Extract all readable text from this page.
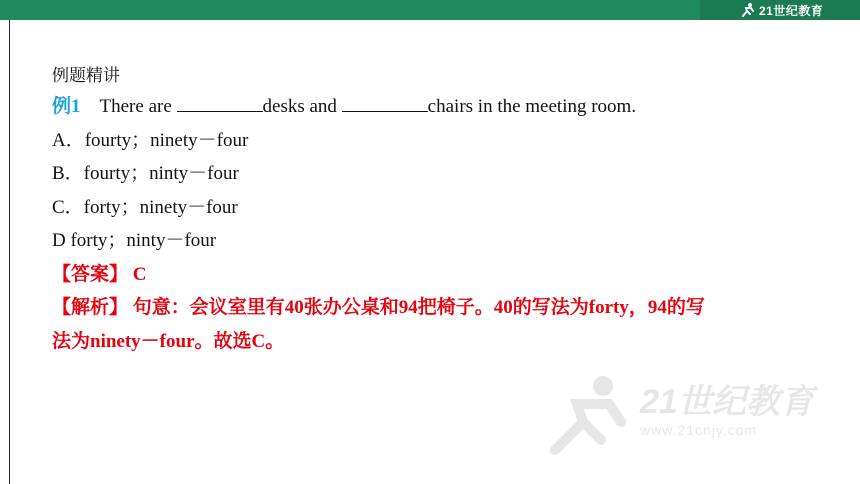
21世纪教育
例题精讲
例1 There are	desks and	chairs in the meeting room.
A．fourty；ninety－four
B．fourty；ninty－four
C．forty；ninety－four
D forty；ninty－four
【答案】 C
【解析】 句意：会议室里有40张办公桌和94把椅子。40的写法为forty，94的写
法为ninety－four。故选C。
21世纪教育
www.21cnjy.com
